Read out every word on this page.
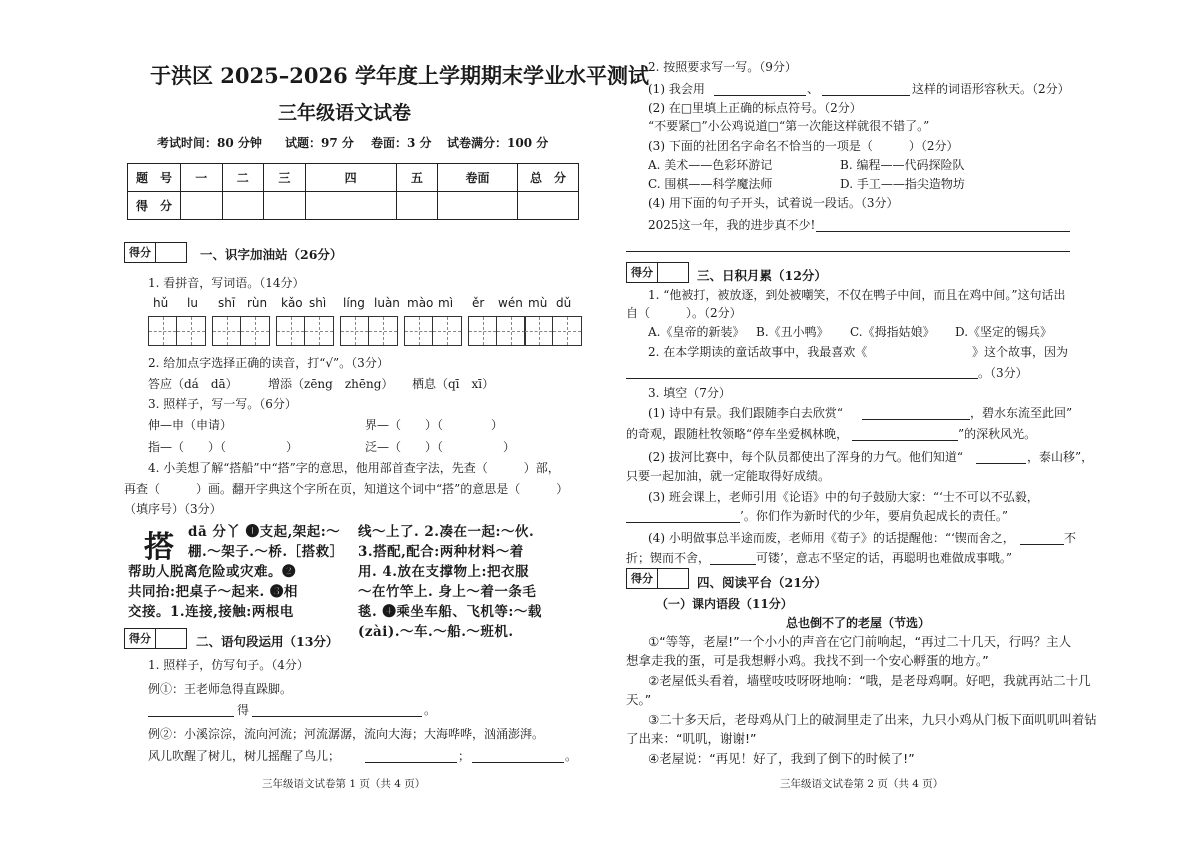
于洪区 2025–2026 学年度上学期期末学业水平测试
三年级语文试卷
考试时间：80 分钟 试题：97 分 卷面：3 分 试卷满分：100 分
题　号	一	二	三	四	五	卷面	总　分
得　分							
得分	一、识字加油站（26分）
1. 看拼音，写词语。（14分）
hǔ lu shī rùn kǎo shì líng luàn mào mì ěr wén mù dǔ
2. 给加点字选择正确的读音，打“√”。（3分）
答应（dá　dā）	增添（zēng　zhēng） 栖息（qī　xī）
3. 照样子，写一写。（6分）
伸—申（申请）	界—（　　）（　　　　）
指—（　　）（　　　　　）	泛—（　　）（　　　　　）
4. 小美想了解“搭船”中“搭”字的意思，他用部首查字法，先查（　　　）部，
再查（　　　）画。翻开字典这个字所在页，知道这个词中“搭”的意思是（　　　）
（填序号）（3分）
搭 dā 分丫 ❶支起,架起:～
棚.～架子.～桥.［搭救］
帮助人脱离危险或灾难。❷
共同抬:把桌子～起来. ❸相
交接。1.连接,接触:两根电
线～上了. 2.凑在一起:～伙.
3.搭配,配合:两种材料～着
用. 4.放在支撑物上:把衣服
～在竹竿上. 身上～着一条毛
毯. ❹乘坐车船、飞机等:～载
(zài).～车.～船.～班机.
得分	二、语句段运用（13分）
1. 照样子，仿写句子。（4分）
例①：王老师急得直跺脚。
得	。
例②：小溪淙淙，流向河流；河流潺潺，流向大海；大海哗哗，汹涌澎湃。
风儿吹醒了树儿，树儿摇醒了鸟儿；	；	。
三年级语文试卷第 1 页（共 4 页）
2. 按照要求写一写。（9分）
(1) 我会用	、	这样的词语形容秋天。（2分）
(2) 在□里填上正确的标点符号。（2分）
“不要紧□”小公鸡说道□“第一次能这样就很不错了。”
(3) 下面的社团名字命名不恰当的一项是（　　　）（2分）
A. 美术——色彩环游记	B. 编程——代码探险队
C. 围棋——科学魔法师	D. 手工——指尖造物坊
(4) 用下面的句子开头，试着说一段话。（3分）
2025这一年，我的进步真不少!
得分	三、日积月累（12分）
1. “他被打，被放逐，到处被嘲笑，不仅在鸭子中间，而且在鸡中间。”这句话出
自（　　　）。（2分）
A.《皇帝的新装》 B.《丑小鸭》 C.《拇指姑娘》 D.《坚定的锡兵》
2. 在本学期读的童话故事中，我最喜欢《	》这个故事，因为
。（3分）
3. 填空（7分）
(1) 诗中有景。我们跟随李白去欣赏“	，碧水东流至此回”
的奇观，跟随杜牧领略“停车坐爱枫林晚，	”的深秋风光。
(2) 拔河比赛中，每个队员都使出了浑身的力气。他们知道“	，泰山移”，
只要一起加油，就一定能取得好成绩。
(3) 班会课上，老师引用《论语》中的句子鼓励大家：“‘士不可以不弘毅，
’。你们作为新时代的少年，要肩负起成长的责任。”
(4) 小明做事总半途而废，老师用《荀子》的话提醒他：“‘锲而舍之，	不
折；锲而不舍，	可镂’，意志不坚定的话，再聪明也难做成事哦。”
得分	四、阅读平台（21分）
（一）课内语段（11分）
总也倒不了的老屋（节选）
①“等等，老屋!”一个小小的声音在它门前响起，“再过二十几天，行吗？主人
想拿走我的蛋，可是我想孵小鸡。我找不到一个安心孵蛋的地方。”
②老屋低头看着，墙壁吱吱呀呀地响：“哦，是老母鸡啊。好吧，我就再站二十几
天。”
③二十多天后，老母鸡从门上的破洞里走了出来，九只小鸡从门板下面叽叽叫着钻
了出来：“叽叽，谢谢!”
④老屋说：“再见！好了，我到了倒下的时候了!”
三年级语文试卷第 2 页（共 4 页）
